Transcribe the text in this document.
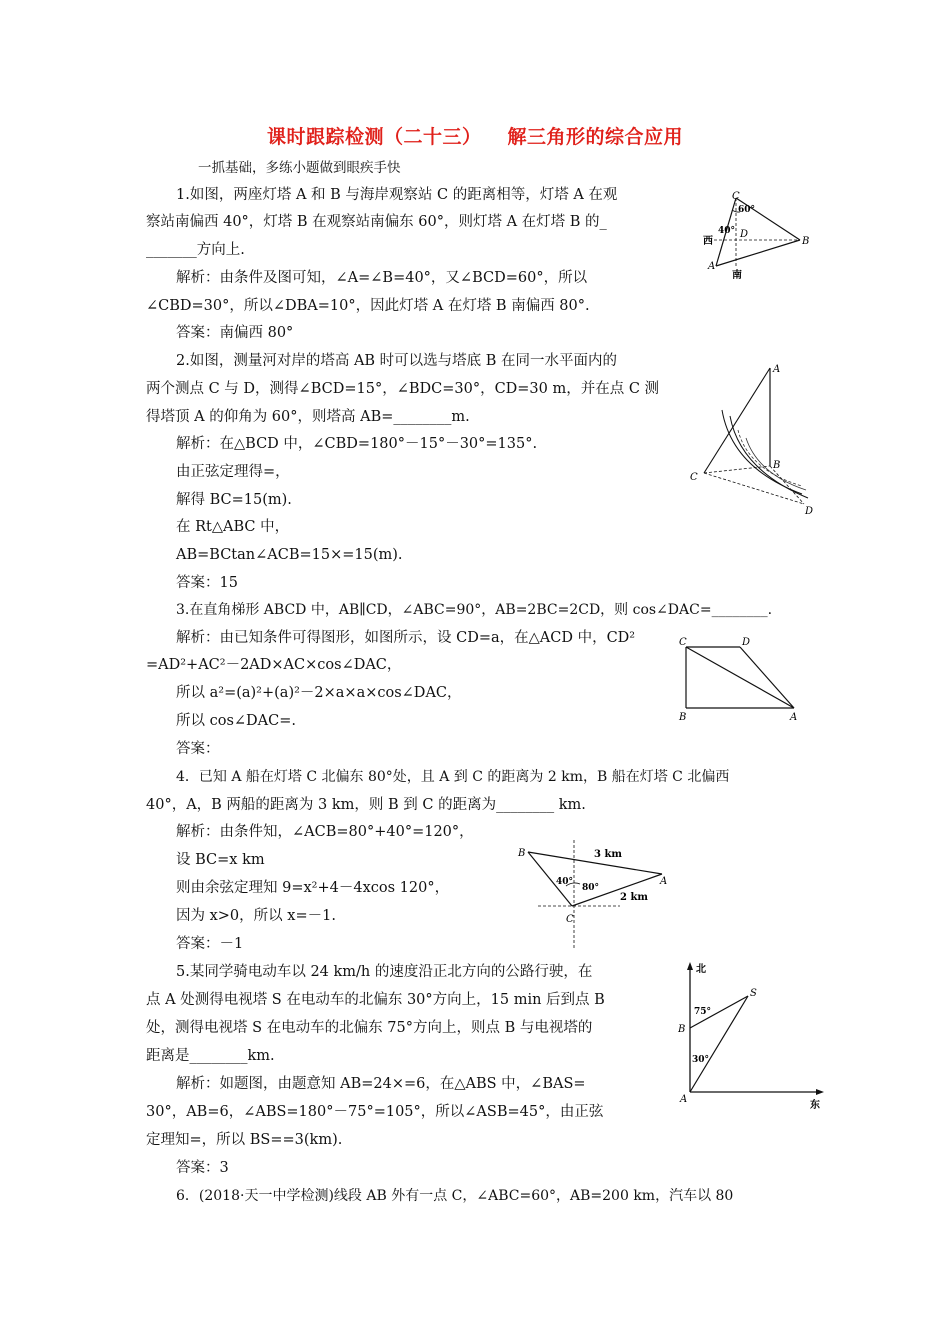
课时跟踪检测（二十三） 解三角形的综合应用
一抓基础，多练小题做到眼疾手快
1.如图，两座灯塔 A 和 B 与海岸观察站 C 的距离相等，灯塔 A 在观
察站南偏西 40°，灯塔 B 在观察站南偏东 60°，则灯塔 A 在灯塔 B 的_
_______方向上.
解析：由条件及图可知，∠A=∠B=40°，又∠BCD=60°，所以
∠CBD=30°，所以∠DBA=10°，因此灯塔 A 在灯塔 B 南偏西 80°.
答案：南偏西 80°
2.如图，测量河对岸的塔高 AB 时可以选与塔底 B 在同一水平面内的
两个测点 C 与 D，测得∠BCD=15°，∠BDC=30°，CD=30 m，并在点 C 测
得塔顶 A 的仰角为 60°，则塔高 AB=________m.
解析：在△BCD 中，∠CBD=180°－15°－30°=135°.
由正弦定理得=，
解得 BC=15(m).
在 Rt△ABC 中，
AB=BCtan∠ACB=15×=15(m).
答案：15
3.在直角梯形 ABCD 中，AB∥CD，∠ABC=90°，AB=2BC=2CD，则 cos∠DAC=________.
解析：由已知条件可得图形，如图所示，设 CD=a，在△ACD 中，CD²
=AD²+AC²－2AD×AC×cos∠DAC，
所以 a²=(a)²+(a)²－2×a×a×cos∠DAC，
所以 cos∠DAC=.
答案：
4．已知 A 船在灯塔 C 北偏东 80°处，且 A 到 C 的距离为 2 km，B 船在灯塔 C 北偏西
40°，A，B 两船的距离为 3 km，则 B 到 C 的距离为________ km.
解析：由条件知，∠ACB=80°+40°=120°，
设 BC=x km
则由余弦定理知 9=x²+4－4xcos 120°，
因为 x>0，所以 x=－1.
答案：－1
5.某同学骑电动车以 24 km/h 的速度沿正北方向的公路行驶，在
点 A 处测得电视塔 S 在电动车的北偏东 30°方向上，15 min 后到点 B
处，测得电视塔 S 在电动车的北偏东 75°方向上，则点 B 与电视塔的
距离是________km.
解析：如题图，由题意知 AB=24×=6，在△ABS 中，∠BAS=
30°，AB=6，∠ABS=180°－75°=105°，所以∠ASB=45°，由正弦
定理知=，所以 BS==3(km).
答案：3
6．(2018·天一中学检测)线段 AB 外有一点 C，∠ABC=60°，AB=200 km，汽车以 80
C
60°
40° D
B
A
西
南
A
B
C
D
C	D
B	A
B
A
C
3 km
2 km
40°
80°
北
东
A
B
S
75°
30°
